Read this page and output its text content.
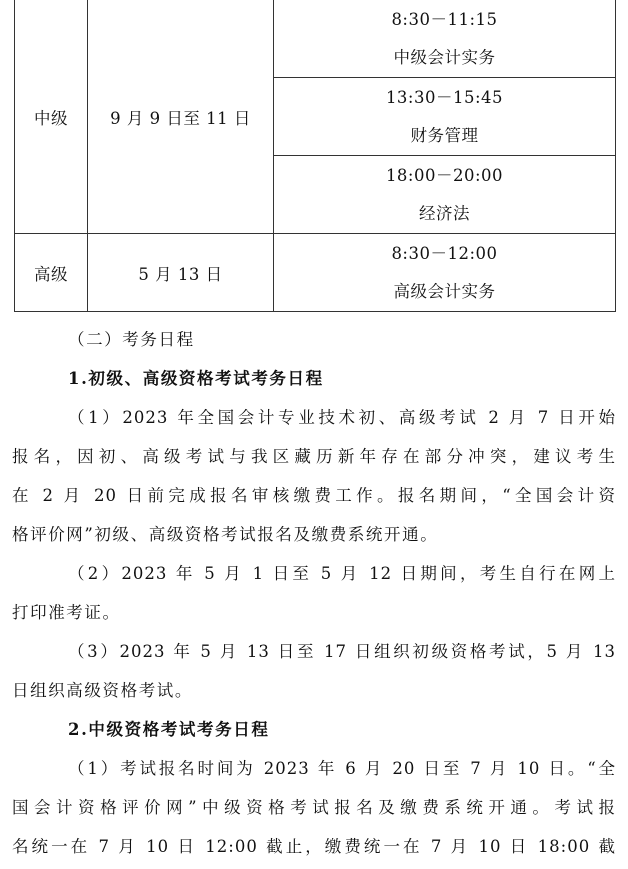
中级	9 月 9 日至 11 日	8:30－11:15
中级会计实务

		13:30－15:45
财务管理

		18:00－20:00
经济法

高级	5 月 13 日	8:30－12:00
高级会计实务
（二）考务日程
1.初级、高级资格考试考务日程
（1）2023 年全国会计专业技术初、高级考试 2 月 7 日开始
报名，因初、高级考试与我区藏历新年存在部分冲突，建议考生
在 2 月 20 日前完成报名审核缴费工作。报名期间，“全国会计资
格评价网”初级、高级资格考试报名及缴费系统开通。
（2）2023 年 5 月 1 日至 5 月 12 日期间，考生自行在网上
打印准考证。
（3）2023 年 5 月 13 日至 17 日组织初级资格考试，5 月 13
日组织高级资格考试。
2.中级资格考试考务日程
（1）考试报名时间为 2023 年 6 月 20 日至 7 月 10 日。“全
国会计资格评价网”中级资格考试报名及缴费系统开通。考试报
名统一在 7 月 10 日 12:00 截止，缴费统一在 7 月 10 日 18:00 截
